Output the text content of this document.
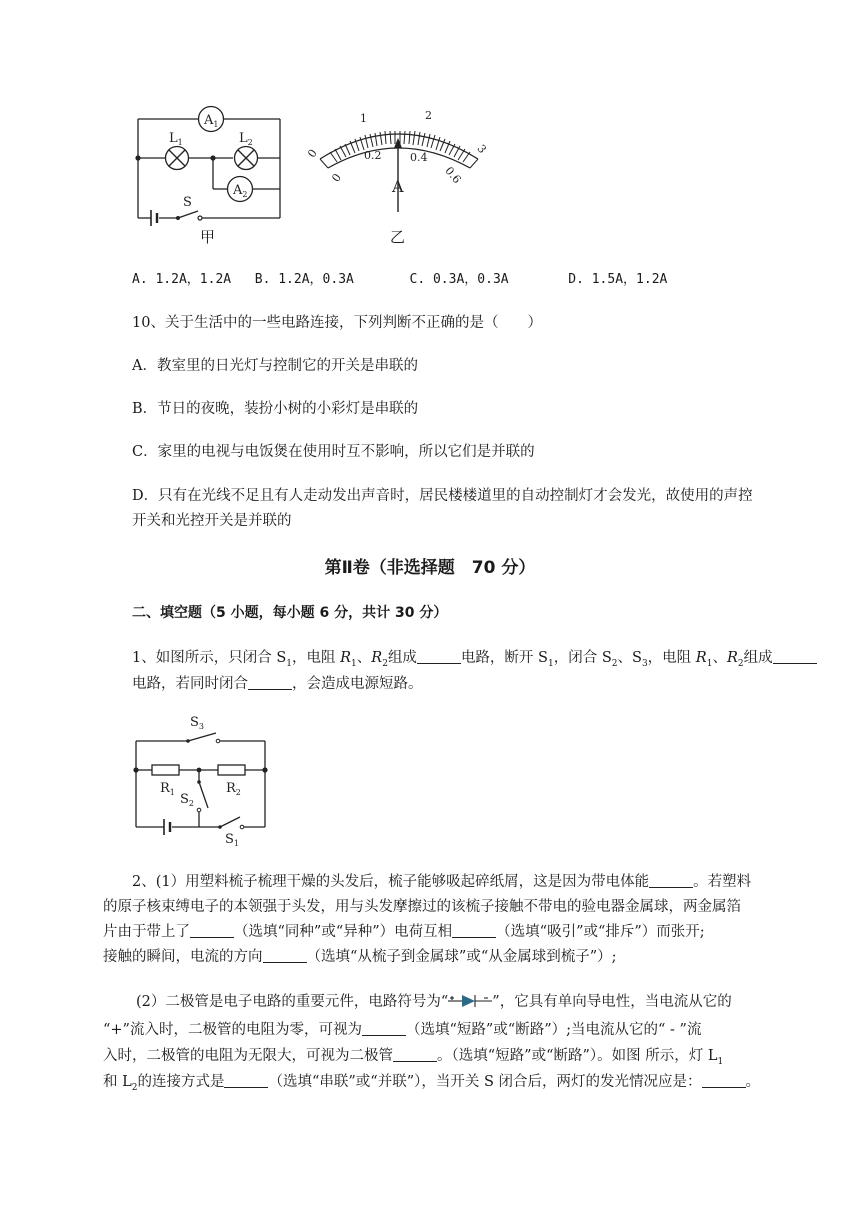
$A_1$
$A_2$
$L_1$	$L_2$
S
甲
0
1	2
3
0
0.2	0.4
0.6
A
乙
A. 1.2A，1.2A B. 1.2A，0.3A	C. 0.3A，0.3A	D. 1.5A，1.2A
10、关于生活中的一些电路连接，下列判断不正确的是（　　）
A．教室里的日光灯与控制它的开关是串联的
B．节日的夜晚，装扮小树的小彩灯是串联的
C．家里的电视与电饭煲在使用时互不影响，所以它们是并联的
D．只有在光线不足且有人走动发出声音时，居民楼楼道里的自动控制灯才会发光，故使用的声控
开关和光控开关是并联的
第Ⅱ卷（非选择题　70 分）
二、填空题（5 小题，每小题 6 分，共计 30 分）
1、如图所示，只闭合 $S_1$，电阻 $R_1$、$R_2$组成	电路，断开 $S_1$，闭合 $S_2$、$S_3$，电阻 $R_1$、$R_2$组成
电路，若同时闭合	，会造成电源短路。
$S_3$
$R_1$	$R_2$
$S_2$
$S_1$
2、(1）用塑料梳子梳理干燥的头发后，梳子能够吸起碎纸屑，这是因为带电体能	。若塑料
的原子核束缚电子的本领强于头发，用与头发摩擦过的该梳子接触不带电的验电器金属球，两金属箔
片由于带上了	（选填“同种”或“异种”）电荷互相	（选填“吸引”或“排斥”）而张开;
接触的瞬间，电流的方向	（选填“从梳子到金属球”或“从金属球到梳子”）;
(2）二极管是电子电路的重要元件，电路符号为“	”，它具有单向导电性，当电流从它的
“+”流入时，二极管的电阻为零，可视为	（选填“短路”或“断路”）;当电流从它的“ - ”流
入时，二极管的电阻为无限大，可视为二极管	。（选填“短路”或“断路”）。如图 所示，灯 $L_1$
和 $L_2$的连接方式是	（选填“串联”或“并联”），当开关 S 闭合后，两灯的发光情况应是：	。
